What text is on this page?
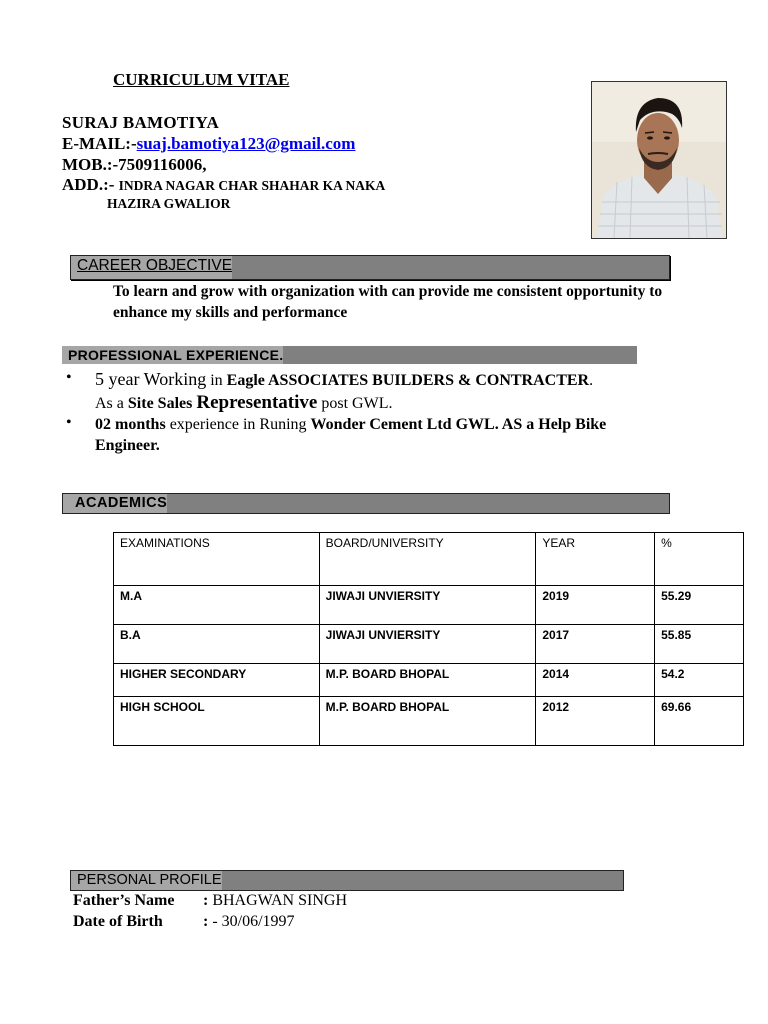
CURRICULUM VITAE
SURAJ BAMOTIYA
E-MAIL:-suaj.bamotiya123@gmail.com
MOB.:-7509116006,
ADD.:- INDRA NAGAR CHAR SHAHAR KA NAKA
HAZIRA GWALIOR
CAREER OBJECTIVE
To learn and grow with organization with can provide me consistent opportunity to enhance my skills and performance
PROFESSIONAL EXPERIENCE.
• 5 year Working in Eagle ASSOCIATES BUILDERS & CONTRACTER.
As a Site Sales Representative post GWL.
• 02 months experience in Runing Wonder Cement Ltd GWL. AS a Help Bike Engineer.
ACADEMICS
EXAMINATIONS	BOARD/UNIVERSITY	YEAR	%
M.A	JIWAJI UNVIERSITY	2019	55.29
B.A	JIWAJI UNVIERSITY	2017	55.85
HIGHER SECONDARY	M.P. BOARD BHOPAL	2014	54.2
HIGH SCHOOL	M.P. BOARD BHOPAL	2012	69.66
PERSONAL PROFILE
Father’s Name : BHAGWAN SINGH
Date of Birth	: - 30/06/1997
